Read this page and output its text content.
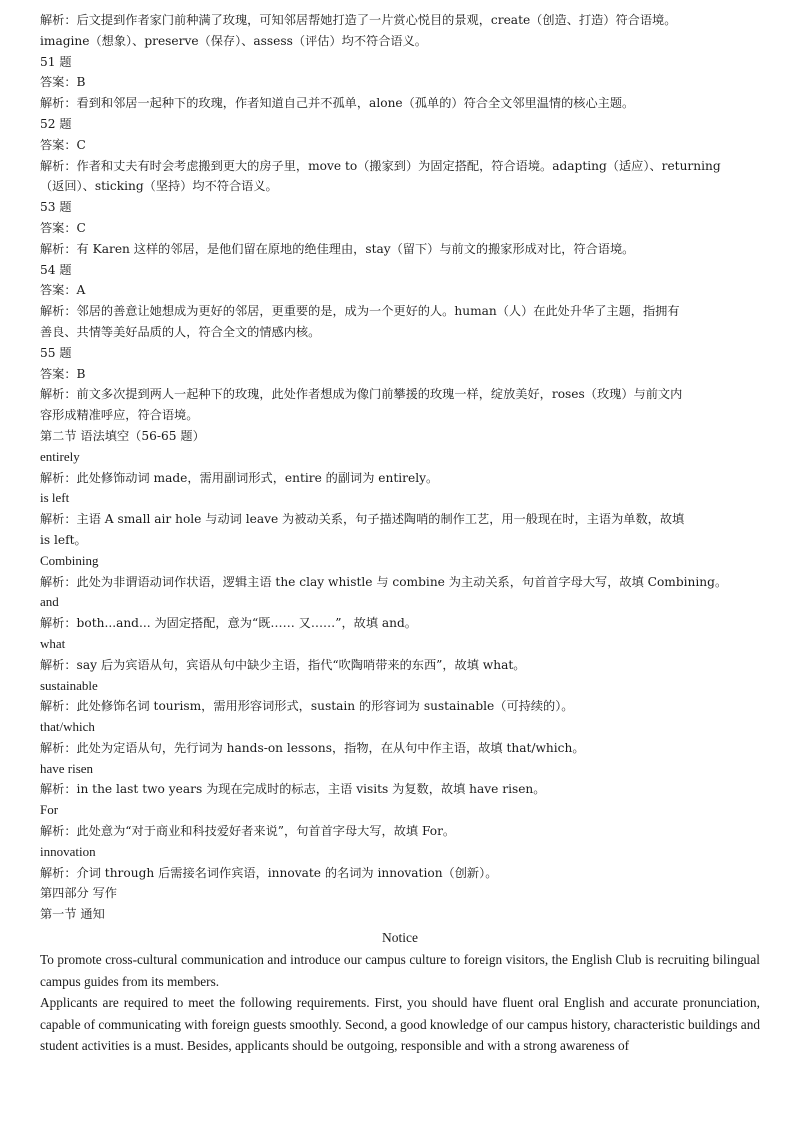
解析：后文提到作者家门前种满了玫瑰，可知邻居帮她打造了一片赏心悦目的景观，create（创造、打造）符合语境。
imagine（想象）、preserve（保存）、assess（评估）均不符合语义。
51 题
答案：B
解析：看到和邻居一起种下的玫瑰，作者知道自己并不孤单，alone（孤单的）符合全文邻里温情的核心主题。
52 题
答案：C
解析：作者和丈夫有时会考虑搬到更大的房子里，move to（搬家到）为固定搭配，符合语境。adapting（适应）、returning
（返回）、sticking（坚持）均不符合语义。
53 题
答案：C
解析：有 Karen 这样的邻居，是他们留在原地的绝佳理由，stay（留下）与前文的搬家形成对比，符合语境。
54 题
答案：A
解析：邻居的善意让她想成为更好的邻居，更重要的是，成为一个更好的人。human（人）在此处升华了主题，指拥有
善良、共情等美好品质的人，符合全文的情感内核。
55 题
答案：B
解析：前文多次提到两人一起种下的玫瑰，此处作者想成为像门前攀援的玫瑰一样，绽放美好，roses（玫瑰）与前文内
容形成精准呼应，符合语境。
第二节 语法填空（56-65 题）
entirely
解析：此处修饰动词 made，需用副词形式，entire 的副词为 entirely。
is left
解析：主语 A small air hole 与动词 leave 为被动关系，句子描述陶哨的制作工艺，用一般现在时，主语为单数，故填
is left。
Combining
解析：此处为非谓语动词作状语，逻辑主语 the clay whistle 与 combine 为主动关系，句首首字母大写，故填 Combining。
and
解析：both...and... 为固定搭配，意为“既…… 又……”，故填 and。
what
解析：say 后为宾语从句，宾语从句中缺少主语，指代“吹陶哨带来的东西”，故填 what。
sustainable
解析：此处修饰名词 tourism，需用形容词形式，sustain 的形容词为 sustainable（可持续的）。
that/which
解析：此处为定语从句，先行词为 hands-on lessons，指物，在从句中作主语，故填 that/which。
have risen
解析：in the last two years 为现在完成时的标志，主语 visits 为复数，故填 have risen。
For
解析：此处意为“对于商业和科技爱好者来说”，句首首字母大写，故填 For。
innovation
解析：介词 through 后需接名词作宾语，innovate 的名词为 innovation（创新）。
第四部分 写作
第一节 通知
Notice
To promote cross-cultural communication and introduce our campus culture to foreign visitors, the English Club is recruiting bilingual campus guides from its members.
Applicants are required to meet the following requirements. First, you should have fluent oral English and accurate pronunciation, capable of communicating with foreign guests smoothly. Second, a good knowledge of our campus history, characteristic buildings and student activities is a must. Besides, applicants should be outgoing, responsible and with a strong awareness of
